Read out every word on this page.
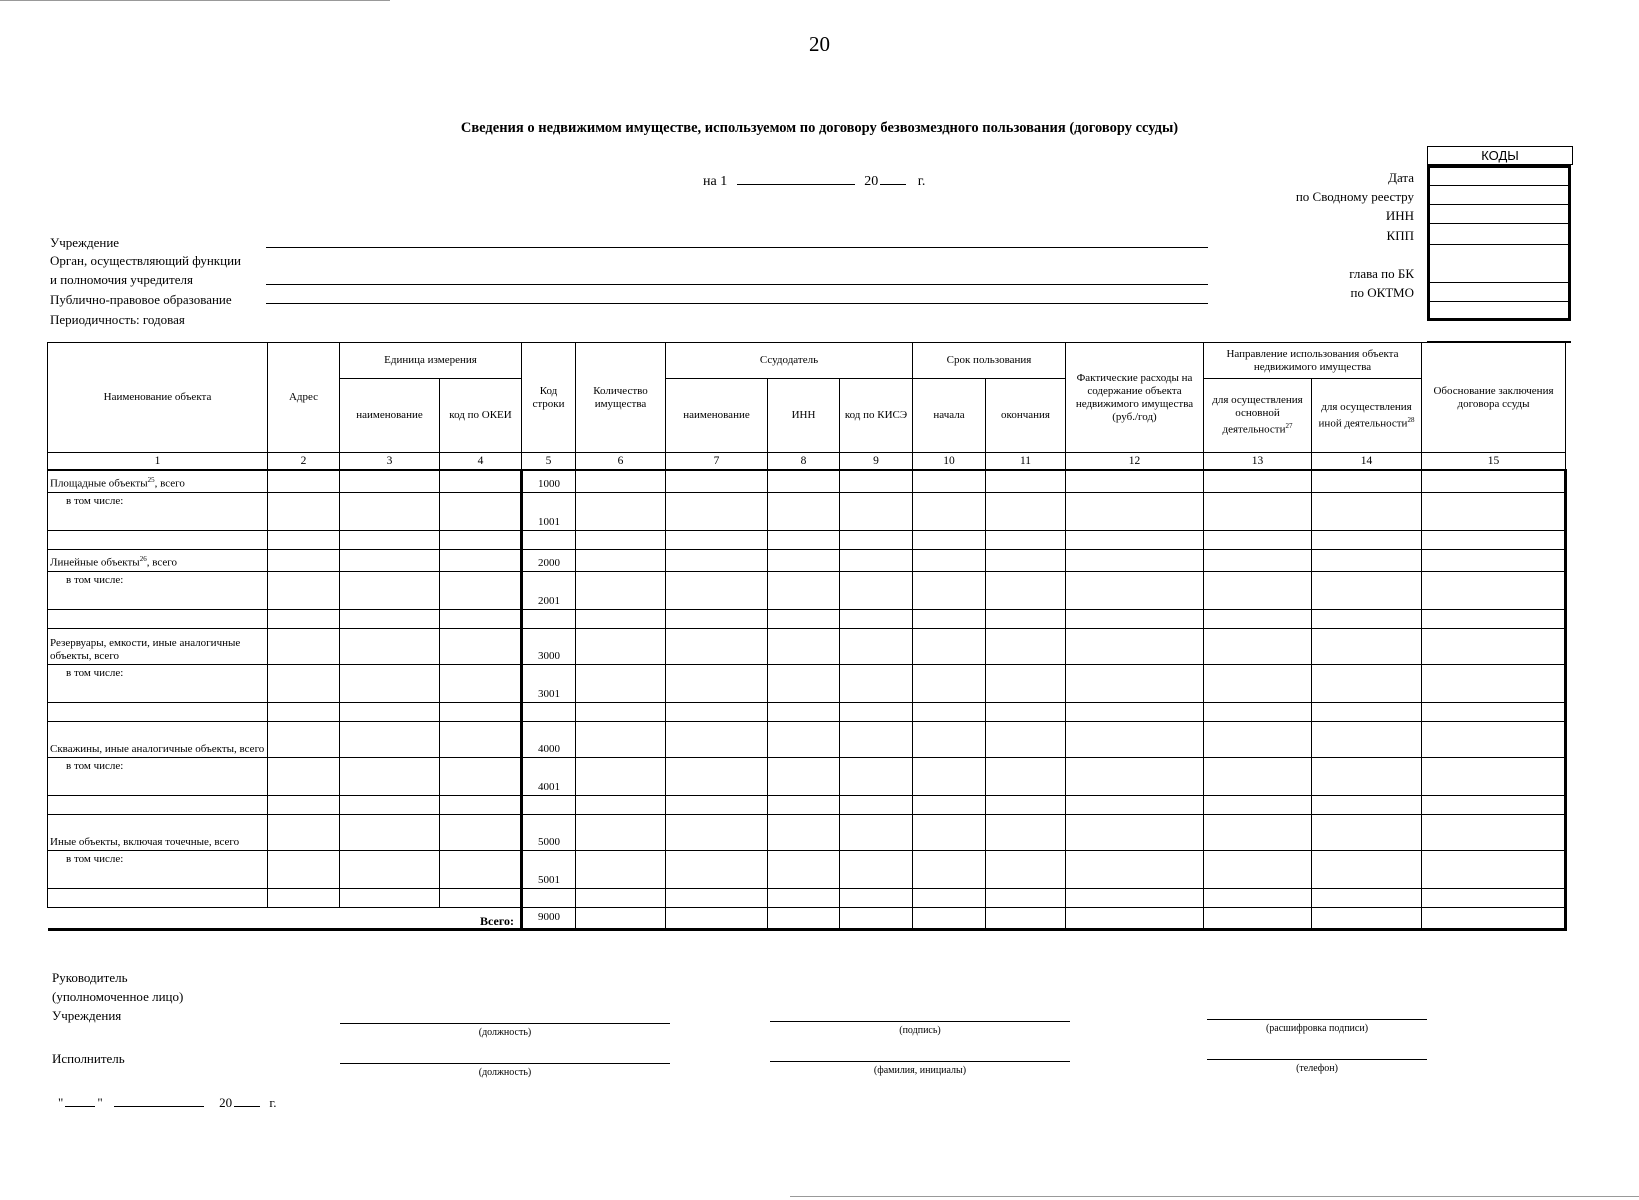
20
Сведения о недвижимом имуществе, используемом по договору безвозмездного пользования (договору ссуды)
на 1	20	г.
Учреждение
Орган, осуществляющий функции
и полномочия учредителя
Публично-правовое образование
Периодичность: годовая
КОДЫ
Дата
по Сводному реестру
ИНН
КПП
глава по БК
по ОКТМО
Наименование объекта	Адрес	Единица измерения		Код строки	Количество имущества	Ссудодатель			Срок пользования		Фактические расходы на содержание объекта недвижимого имущества (руб./год)	Направление использования объекта недвижимого имущества		Обоснование заключения договора ссуды
		наименование	код по ОКЕИ			наименование	ИНН	код по КИСЭ	начала	окончания		для осуществления основной деятельности$^{27}$	для осуществления иной деятельности$^{28}$
1	2	3	4	5	6	7	8	9	10	11	12	13	14	15
Площадные объекты$^{25}$, всего				1000										
в том числе:				1001										

Линейные объекты$^{26}$, всего				2000										
в том числе:				2001										

Резервуары, емкости, иные аналогичные объекты, всего				3000										
в том числе:				3001										

Скважины, иные аналогичные объекты, всего				4000										
в том числе:				4001										

Иные объекты, включая точечные, всего				5000										
в том числе:				5001										

Всего:				9000										
Руководитель
(уполномоченное лицо)
Учреждения
(должность)	(подпись)	(расшифровка подписи)
Исполнитель
(должность)	(фамилия, инициалы)	(телефон)
"	"	20	г.
